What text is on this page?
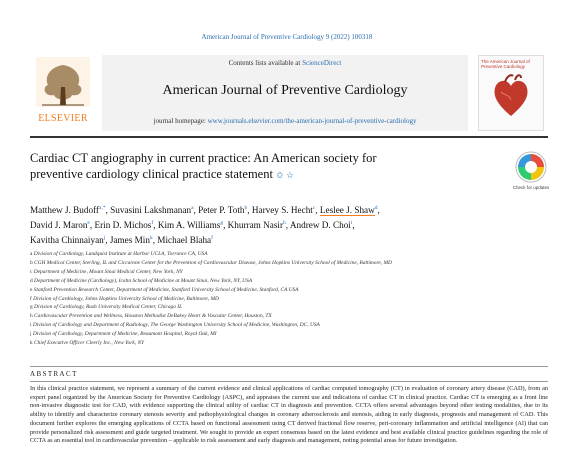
American Journal of Preventive Cardiology 9 (2022) 100318
ELSEVIER
Contents lists available at ScienceDirect
American Journal of Preventive Cardiology
journal homepage: www.journals.elsevier.com/the-american-journal-of-preventive-cardiology
The American Journal of Preventive Cardiology
Cardiac CT angiography in current practice: An American society for
preventive cardiology clinical practice statement ✩ ☆
Check for updates
Matthew J. Budoff$^{a,*}$, Suvasini Lakshmanan$^a$, Peter P. Toth$^b$, Harvey S. Hecht$^c$, Leslee J. Shaw$^d$,
David J. Maron$^e$, Erin D. Michos$^f$, Kim A. Williams$^g$, Khurram Nasir$^h$, Andrew D. Choi$^i$,
Kavitha Chinnaiyan$^j$, James Min$^k$, Michael Blaha$^f$
a Division of Cardiology, Lundquist Institute at Harbor UCLA, Torrance CA, USA
b CGH Medical Center, Sterling, IL and Ciccarone Center for the Prevention of Cardiovascular Disease, Johns Hopkins University School of Medicine, Baltimore, MD
c Department of Medicine, Mount Sinai Medical Center, New York, NY
d Department of Medicine (Cardiology), Icahn School of Medicine at Mount Sinai, New York, NY, USA
e Stanford Prevention Research Center, Department of Medicine, Stanford University School of Medicine, Stanford, CA USA
f Division of Cardiology, Johns Hopkins University School of Medicine, Baltimore, MD
g Division of Cardiology, Rush University Medical Center, Chicago IL
h Cardiovascular Prevention and Wellness, Houston Methodist DeBakey Heart & Vascular Center, Houston, TX
i Division of Cardiology and Department of Radiology, The George Washington University School of Medicine, Washington, DC, USA
j Division of Cardiology, Department of Medicine, Beaumont Hospital, Royal Oak, MI
k Chief Executive Officer Cleerly Inc., New York, NY
ABSTRACT
In this clinical practice statement, we represent a summary of the current evidence and clinical applications of cardiac computed tomography (CT) in evaluation of coronary artery disease (CAD), from an expert panel organized by the American Society for Preventive Cardiology (ASPC), and appraises the current use and indications of cardiac CT in clinical practice. Cardiac CT is emerging as a front line non-invasive diagnostic test for CAD, with evidence supporting the clinical utility of cardiac CT in diagnosis and prevention. CCTA offers several advantages beyond other testing modalities, due to its ability to identify and characterize coronary stenosis severity and pathophysiological changes in coronary atherosclerosis and stenosis, aiding in early diagnosis, prognosis and management of CAD. This document further explores the emerging applications of CCTA based on functional assessment using CT derived fractional flow reserve, peri-coronary inflammation and artificial intelligence (AI) that can provide personalized risk assessment and guide targeted treatment. We sought to provide an expert consensus based on the latest evidence and best available clinical practice guidelines regarding the role of CCTA as an essential tool in cardiovascular prevention – applicable to risk assessment and early diagnosis and management, noting potential areas for future investigation.
